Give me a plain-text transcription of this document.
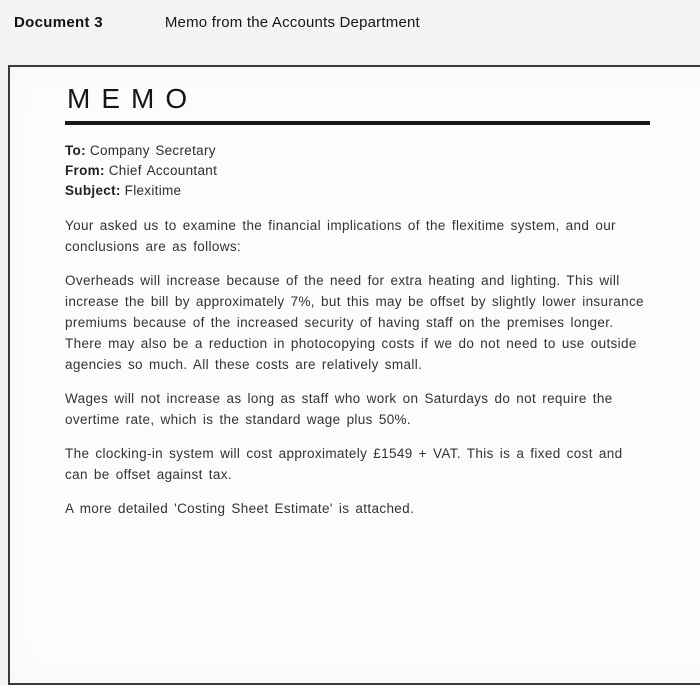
Document 3	Memo from the Accounts Department
MEMO
To: Company Secretary
From: Chief Accountant
Subject: Flexitime

Your asked us to examine the financial implications of the flexitime system, and our conclusions are as follows:

Overheads will increase because of the need for extra heating and lighting. This will increase the bill by approximately 7%, but this may be offset by slightly lower insurance premiums because of the increased security of having staff on the premises longer. There may also be a reduction in photocopying costs if we do not need to use outside agencies so much. All these costs are relatively small.

Wages will not increase as long as staff who work on Saturdays do not require the overtime rate, which is the standard wage plus 50%.

The clocking-in system will cost approximately £1549 + VAT. This is a fixed cost and can be offset against tax.

A more detailed 'Costing Sheet Estimate' is attached.
